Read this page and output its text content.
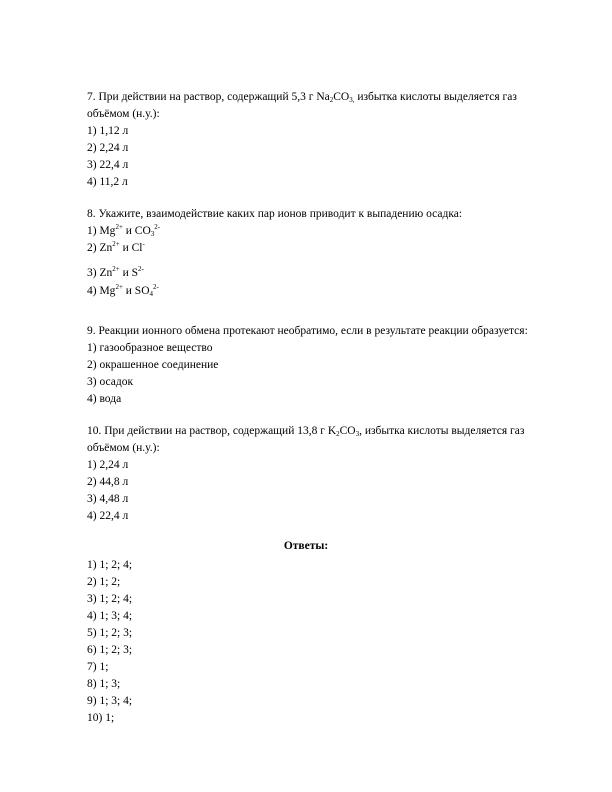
7. При действии на раствор, содержащий 5,3 г $Na_2CO_{3,}$ избытка кислоты выделяется газ
объёмом (н.у.):
1) 1,12 л
2) 2,24 л
3) 22,4 л
4) 11,2 л
8. Укажите, взаимодействие каких пар ионов приводит к выпадению осадка:
1) $Mg^{2+}$ и $CO_3^{2-}$
2) $Zn^{2+}$ и Cl-
3) $Zn^{2+}$ и $S^{2-}$
4) $Mg^{2+}$ и $SO_4^{2-}$
9. Реакции ионного обмена протекают необратимо, если в результате реакции образуется:
1) газообразное вещество
2) окрашенное соединение
3) осадок
4) вода
10. При действии на раствор, содержащий 13,8 г $K_2CO_3$, избытка кислоты выделяется газ
объёмом (н.у.):
1) 2,24 л
2) 44,8 л
3) 4,48 л
4) 22,4 л
Ответы:
1) 1; 2; 4;
2) 1; 2;
3) 1; 2; 4;
4) 1; 3; 4;
5) 1; 2; 3;
6) 1; 2; 3;
7) 1;
8) 1; 3;
9) 1; 3; 4;
10) 1;
